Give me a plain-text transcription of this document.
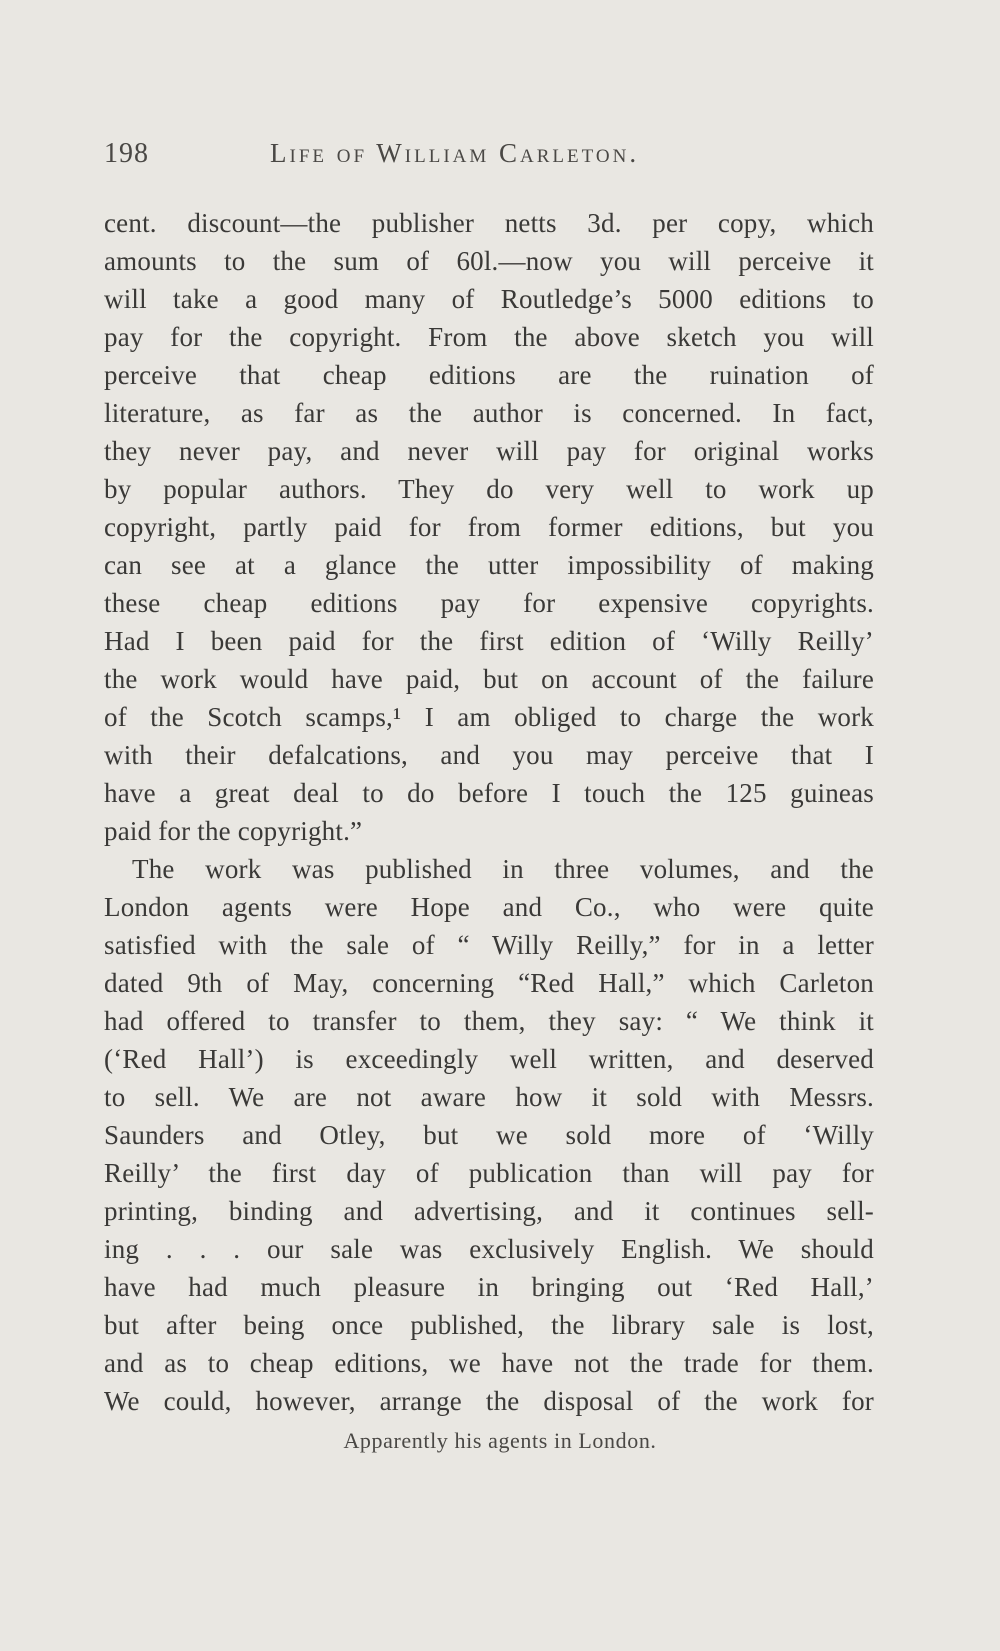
198	Life of William Carleton.
cent. discount—the publisher netts 3d. per copy, which
amounts to the sum of 60l.—now you will perceive it
will take a good many of Routledge’s 5000 editions to
pay for the copyright. From the above sketch you will
perceive that cheap editions are the ruination of
literature, as far as the author is concerned. In fact,
they never pay, and never will pay for original works
by popular authors. They do very well to work up
copyright, partly paid for from former editions, but you
can see at a glance the utter impossibility of making
these cheap editions pay for expensive copyrights.
Had I been paid for the first edition of ‘Willy Reilly’
the work would have paid, but on account of the failure
of the Scotch scamps,¹ I am obliged to charge the work
with their defalcations, and you may perceive that I
have a great deal to do before I touch the 125 guineas
paid for the copyright.”
The work was published in three volumes, and the
London agents were Hope and Co., who were quite
satisfied with the sale of “ Willy Reilly,” for in a letter
dated 9th of May, concerning “Red Hall,” which Carleton
had offered to transfer to them, they say: “ We think it
(‘Red Hall’) is exceedingly well written, and deserved
to sell. We are not aware how it sold with Messrs.
Saunders and Otley, but we sold more of ‘Willy
Reilly’ the first day of publication than will pay for
printing, binding and advertising, and it continues sell-
ing . . . our sale was exclusively English. We should
have had much pleasure in bringing out ‘Red Hall,’
but after being once published, the library sale is lost,
and as to cheap editions, we have not the trade for them.
We could, however, arrange the disposal of the work for
Apparently his agents in London.
